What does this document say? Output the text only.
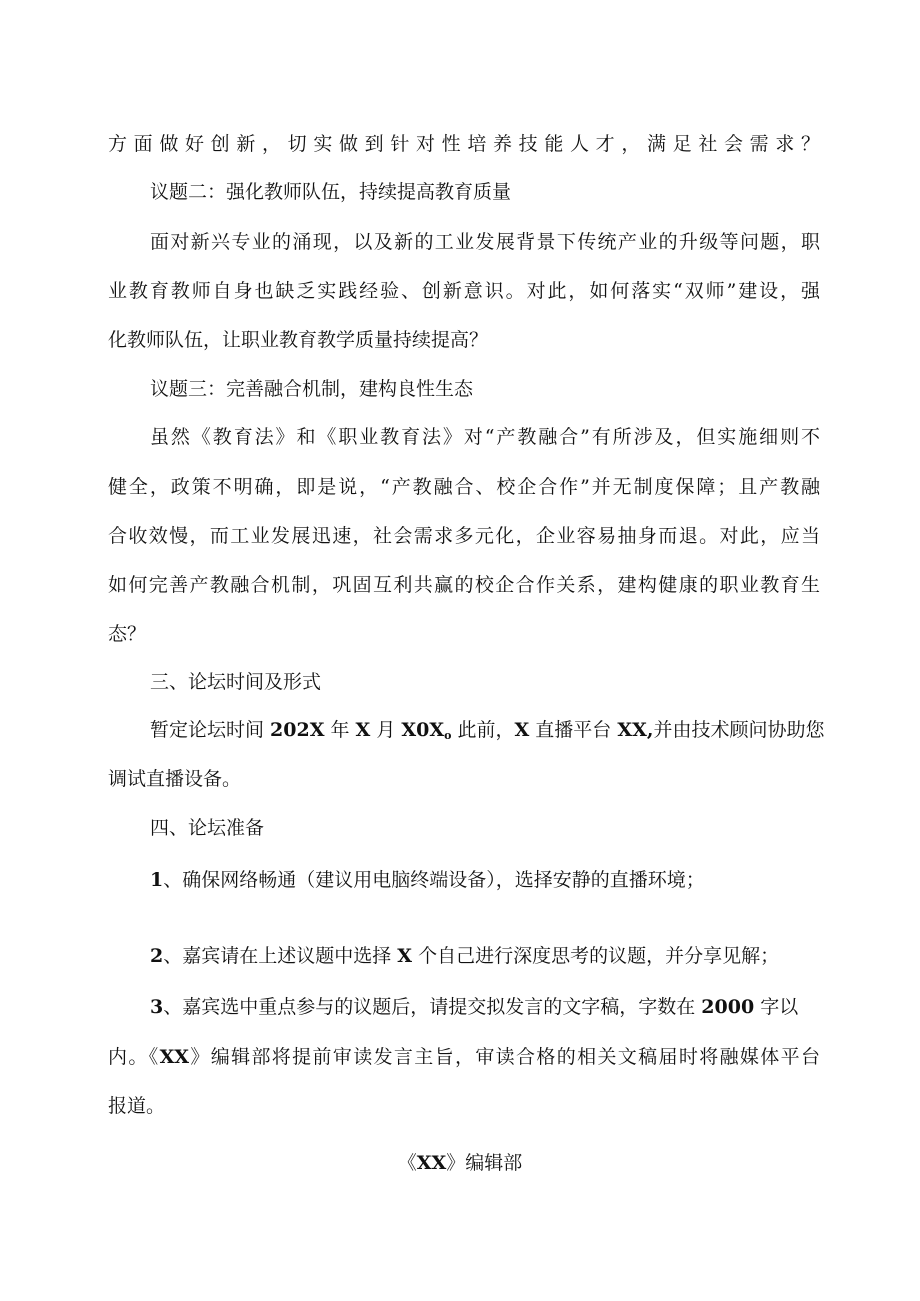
方面做好创新，切实做到针对性培养技能人才，满足社会需求？
议题二：强化教师队伍，持续提高教育质量
面对新兴专业的涌现，以及新的工业发展背景下传统产业的升级等问题，职
业教育教师自身也缺乏实践经验、创新意识。对此，如何落实“双师”建设，强
化教师队伍，让职业教育教学质量持续提高？
议题三：完善融合机制，建构良性生态
虽然《教育法》和《职业教育法》对“产教融合”有所涉及，但实施细则不
健全，政策不明确，即是说，“产教融合、校企合作”并无制度保障；且产教融
合收效慢，而工业发展迅速，社会需求多元化，企业容易抽身而退。对此，应当
如何完善产教融合机制，巩固互利共赢的校企合作关系，建构健康的职业教育生
态？
三、论坛时间及形式
暂定论坛时间 202X 年 X 月 $X0X_o$ 此前，X 直播平台 XX,并由技术顾问协助您
调试直播设备。
四、论坛准备
1、确保网络畅通（建议用电脑终端设备），选择安静的直播环境；
2、嘉宾请在上述议题中选择 X 个自己进行深度思考的议题，并分享见解；
3、嘉宾选中重点参与的议题后，请提交拟发言的文字稿，字数在 2000 字以
内。《XX》编辑部将提前审读发言主旨，审读合格的相关文稿届时将融媒体平台
报道。
《XX》编辑部
